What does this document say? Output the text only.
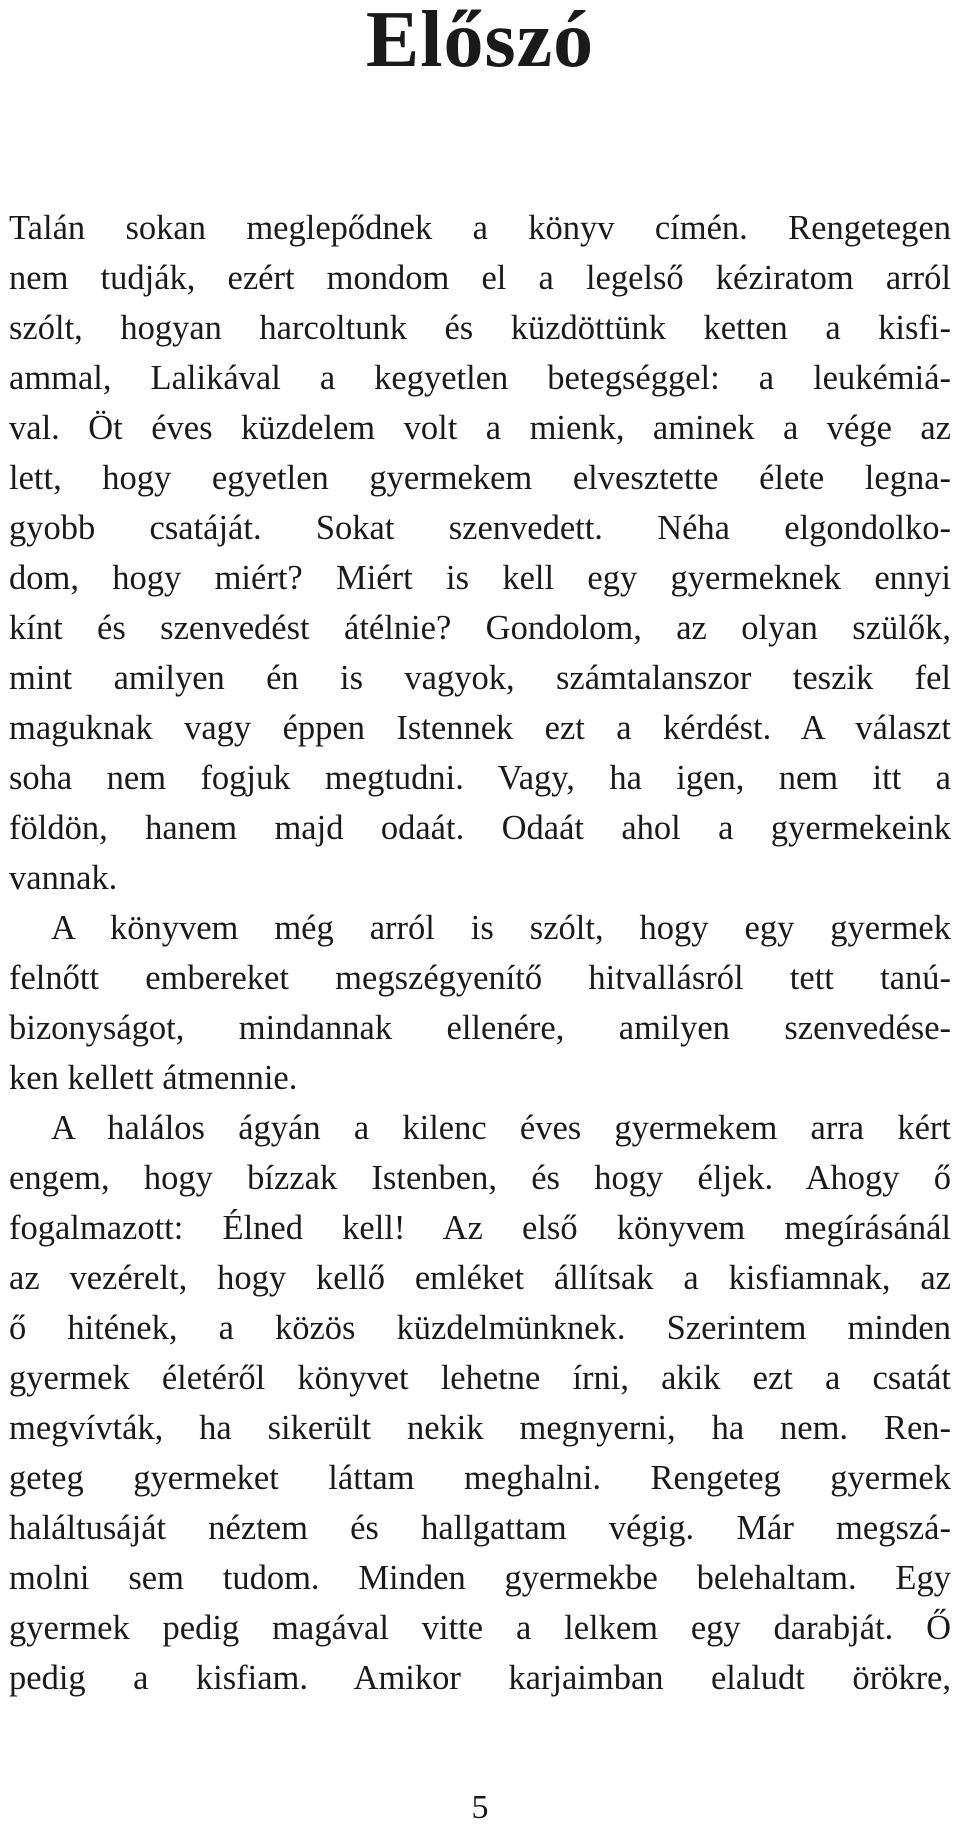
Előszó
Talán sokan meglepődnek a könyv címén. Rengetegen
nem tudják, ezért mondom el a legelső kéziratom arról
szólt, hogyan harcoltunk és küzdöttünk ketten a kisfi-
ammal, Lalikával a kegyetlen betegséggel: a leukémiá-
val. Öt éves küzdelem volt a mienk, aminek a vége az
lett, hogy egyetlen gyermekem elvesztette élete legna-
gyobb csatáját. Sokat szenvedett. Néha elgondolko-
dom, hogy miért? Miért is kell egy gyermeknek ennyi
kínt és szenvedést átélnie? Gondolom, az olyan szülők,
mint amilyen én is vagyok, számtalanszor teszik fel
maguknak vagy éppen Istennek ezt a kérdést. A választ
soha nem fogjuk megtudni. Vagy, ha igen, nem itt a
földön, hanem majd odaát. Odaát ahol a gyermekeink
vannak.
A könyvem még arról is szólt, hogy egy gyermek
felnőtt embereket megszégyenítő hitvallásról tett tanú-
bizonyságot, mindannak ellenére, amilyen szenvedése-
ken kellett átmennie.
A halálos ágyán a kilenc éves gyermekem arra kért
engem, hogy bízzak Istenben, és hogy éljek. Ahogy ő
fogalmazott: Élned kell! Az első könyvem megírásánál
az vezérelt, hogy kellő emléket állítsak a kisfiamnak, az
ő hitének, a közös küzdelmünknek. Szerintem minden
gyermek életéről könyvet lehetne írni, akik ezt a csatát
megvívták, ha sikerült nekik megnyerni, ha nem. Ren-
geteg gyermeket láttam meghalni. Rengeteg gyermek
haláltusáját néztem és hallgattam végig. Már megszá-
molni sem tudom. Minden gyermekbe belehaltam. Egy
gyermek pedig magával vitte a lelkem egy darabját. Ő
pedig a kisfiam. Amikor karjaimban elaludt örökre,
5
